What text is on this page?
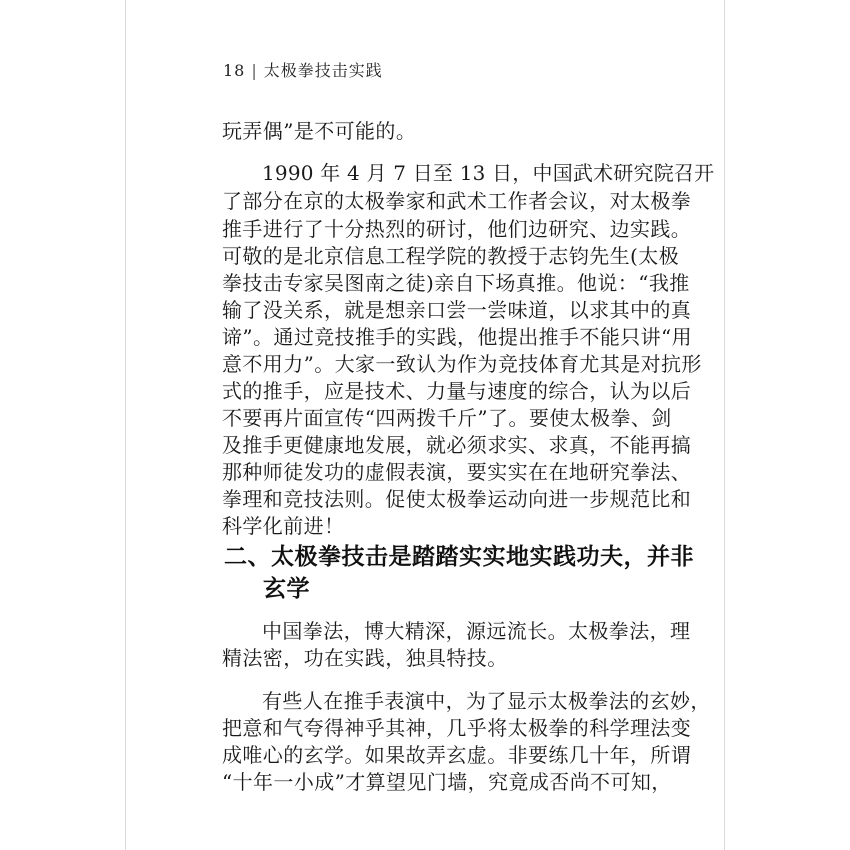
18 | 太极拳技击实践
玩弄偶”是不可能的。
1990 年 4 月 7 日至 13 日，中国武术研究院召开
了部分在京的太极拳家和武术工作者会议，对太极拳
推手进行了十分热烈的研讨，他们边研究、边实践。
可敬的是北京信息工程学院的教授于志钧先生(太极
拳技击专家吴图南之徒)亲自下场真推。他说：“我推
输了没关系，就是想亲口尝一尝味道，以求其中的真
谛”。通过竞技推手的实践，他提出推手不能只讲“用
意不用力”。大家一致认为作为竞技体育尤其是对抗形
式的推手，应是技术、力量与速度的综合，认为以后
不要再片面宣传“四两拨千斤”了。要使太极拳、剑
及推手更健康地发展，就必须求实、求真，不能再搞
那种师徒发功的虚假表演，要实实在在地研究拳法、
拳理和竞技法则。促使太极拳运动向进一步规范比和
科学化前进！
二、太极拳技击是踏踏实实地实践功夫，并非
玄学
中国拳法，博大精深，源远流长。太极拳法，理
精法密，功在实践，独具特技。
有些人在推手表演中，为了显示太极拳法的玄妙，
把意和气夸得神乎其神，几乎将太极拳的科学理法变
成唯心的玄学。如果故弄玄虚。非要练几十年，所谓
“十年一小成”才算望见门墙，究竟成否尚不可知，
